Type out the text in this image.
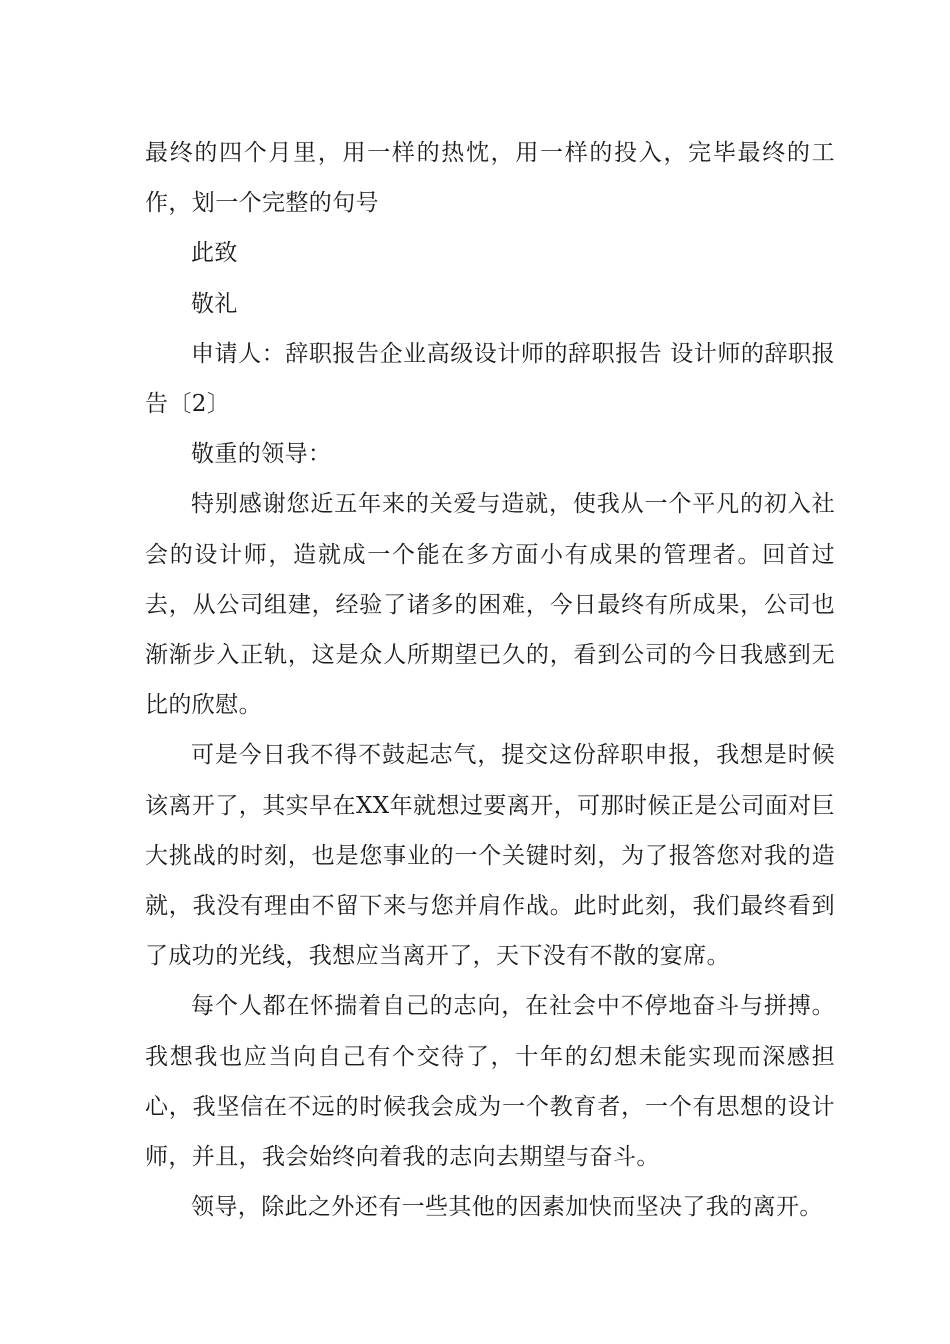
最终的四个月里，用一样的热忱，用一样的投入，完毕最终的工作，划一个完整的句号

此致

敬礼

申请人：辞职报告企业高级设计师的辞职报告 设计师的辞职报告〔2〕

敬重的领导：

特别感谢您近五年来的关爱与造就，使我从一个平凡的初入社会的设计师，造就成一个能在多方面小有成果的管理者。回首过去，从公司组建，经验了诸多的困难，今日最终有所成果，公司也渐渐步入正轨，这是众人所期望已久的，看到公司的今日我感到无比的欣慰。

可是今日我不得不鼓起志气，提交这份辞职申报，我想是时候该离开了，其实早在XX年就想过要离开，可那时候正是公司面对巨大挑战的时刻，也是您事业的一个关键时刻，为了报答您对我的造就，我没有理由不留下来与您并肩作战。此时此刻，我们最终看到了成功的光线，我想应当离开了，天下没有不散的宴席。

每个人都在怀揣着自己的志向，在社会中不停地奋斗与拼搏。我想我也应当向自己有个交待了，十年的幻想未能实现而深感担心，我坚信在不远的时候我会成为一个教育者，一个有思想的设计师，并且，我会始终向着我的志向去期望与奋斗。

领导，除此之外还有一些其他的因素加快而坚决了我的离开。
